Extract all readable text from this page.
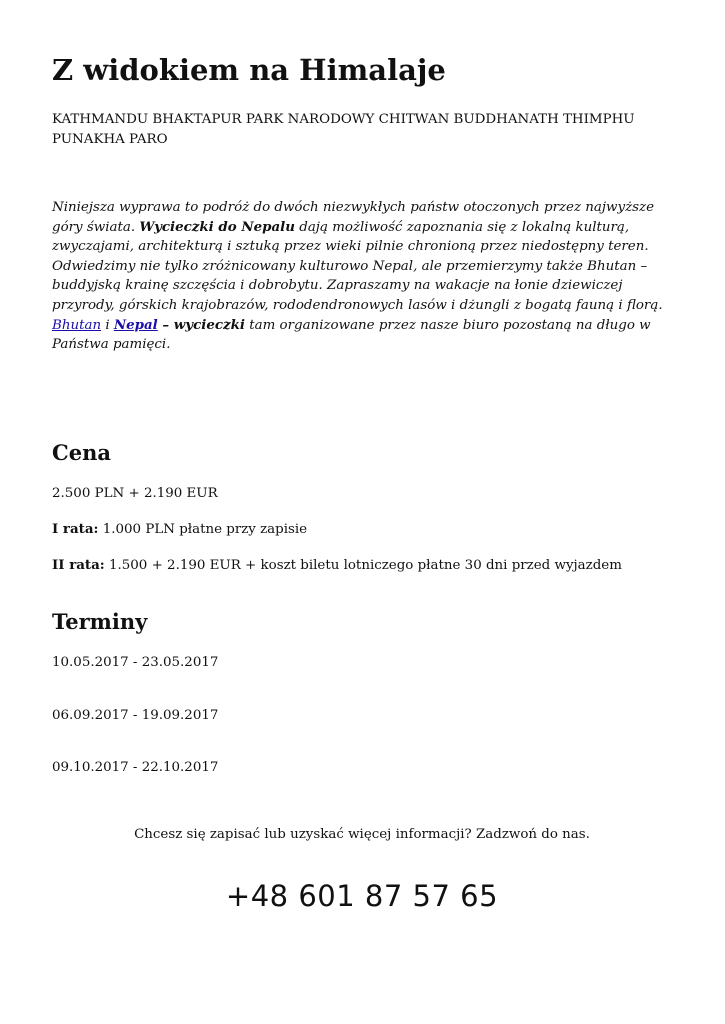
Z widokiem na Himalaje

KATHMANDU BHAKTAPUR PARK NARODOWY CHITWAN BUDDHANATH THIMPHU PUNAKHA PARO

Niniejsza wyprawa to podróż do dwóch niezwykłych państw otoczonych przez najwyższe góry świata. Wycieczki do Nepalu dają możliwość zapoznania się z lokalną kulturą, zwyczajami, architekturą i sztuką przez wieki pilnie chronioną przez niedostępny teren. Odwiedzimy nie tylko zróżnicowany kulturowo Nepal, ale przemierzymy także Bhutan – buddyjską krainę szczęścia i dobrobytu. Zapraszamy na wakacje na łonie dziewiczej przyrody, górskich krajobrazów, rododendronowych lasów i dżungli z bogatą fauną i florą. Bhutan i Nepal – wycieczki tam organizowane przez nasze biuro pozostaną na długo w Państwa pamięci.

Cena

2.500 PLN + 2.190 EUR

I rata: 1.000 PLN płatne przy zapisie

II rata: 1.500 + 2.190 EUR + koszt biletu lotniczego płatne 30 dni przed wyjazdem

Terminy

10.05.2017 - 23.05.2017

06.09.2017 - 19.09.2017

09.10.2017 - 22.10.2017

Chcesz się zapisać lub uzyskać więcej informacji? Zadzwoń do nas.

+48 601 87 57 65
